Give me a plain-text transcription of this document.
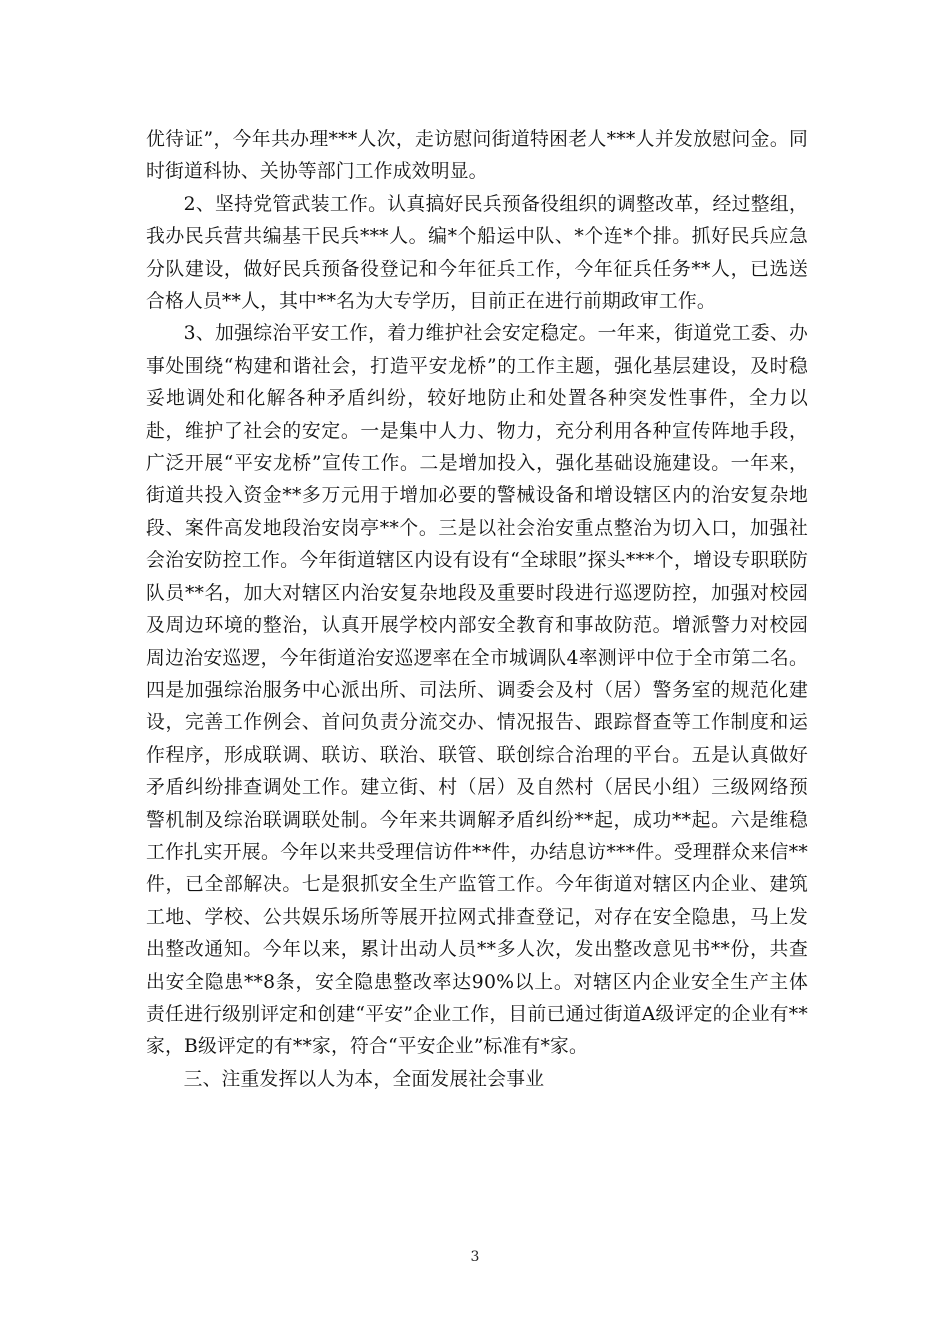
优待证”，今年共办理***人次，走访慰问街道特困老人***人并发放慰问金。同时街道科协、关协等部门工作成效明显。

2、坚持党管武装工作。认真搞好民兵预备役组织的调整改革，经过整组，我办民兵营共编基干民兵***人。编*个船运中队、*个连*个排。抓好民兵应急分队建设，做好民兵预备役登记和今年征兵工作，今年征兵任务**人，已选送合格人员**人，其中**名为大专学历，目前正在进行前期政审工作。

3、加强综治平安工作，着力维护社会安定稳定。一年来，街道党工委、办事处围绕“构建和谐社会，打造平安龙桥”的工作主题，强化基层建设，及时稳妥地调处和化解各种矛盾纠纷，较好地防止和处置各种突发性事件，全力以赴，维护了社会的安定。一是集中人力、物力，充分利用各种宣传阵地手段，广泛开展“平安龙桥”宣传工作。二是增加投入，强化基础设施建设。一年来，街道共投入资金**多万元用于增加必要的警械设备和增设辖区内的治安复杂地段、案件高发地段治安岗亭**个。三是以社会治安重点整治为切入口，加强社会治安防控工作。今年街道辖区内设有设有“全球眼”探头***个，增设专职联防队员**名，加大对辖区内治安复杂地段及重要时段进行巡逻防控，加强对校园及周边环境的整治，认真开展学校内部安全教育和事故防范。增派警力对校园周边治安巡逻，今年街道治安巡逻率在全市城调队4率测评中位于全市第二名。四是加强综治服务中心派出所、司法所、调委会及村（居）警务室的规范化建设，完善工作例会、首问负责分流交办、情况报告、跟踪督查等工作制度和运作程序，形成联调、联访、联治、联管、联创综合治理的平台。五是认真做好矛盾纠纷排查调处工作。建立街、村（居）及自然村（居民小组）三级网络预警机制及综治联调联处制。今年来共调解矛盾纠纷**起，成功**起。六是维稳工作扎实开展。今年以来共受理信访件**件，办结息访***件。受理群众来信**件，已全部解决。七是狠抓安全生产监管工作。今年街道对辖区内企业、建筑工地、学校、公共娱乐场所等展开拉网式排查登记，对存在安全隐患，马上发出整改通知。今年以来，累计出动人员**多人次，发出整改意见书**份，共查出安全隐患**8条，安全隐患整改率达90%以上。对辖区内企业安全生产主体责任进行级别评定和创建“平安”企业工作，目前已通过街道A级评定的企业有**家，B级评定的有**家，符合“平安企业”标准有*家。

三、注重发挥以人为本，全面发展社会事业

3
